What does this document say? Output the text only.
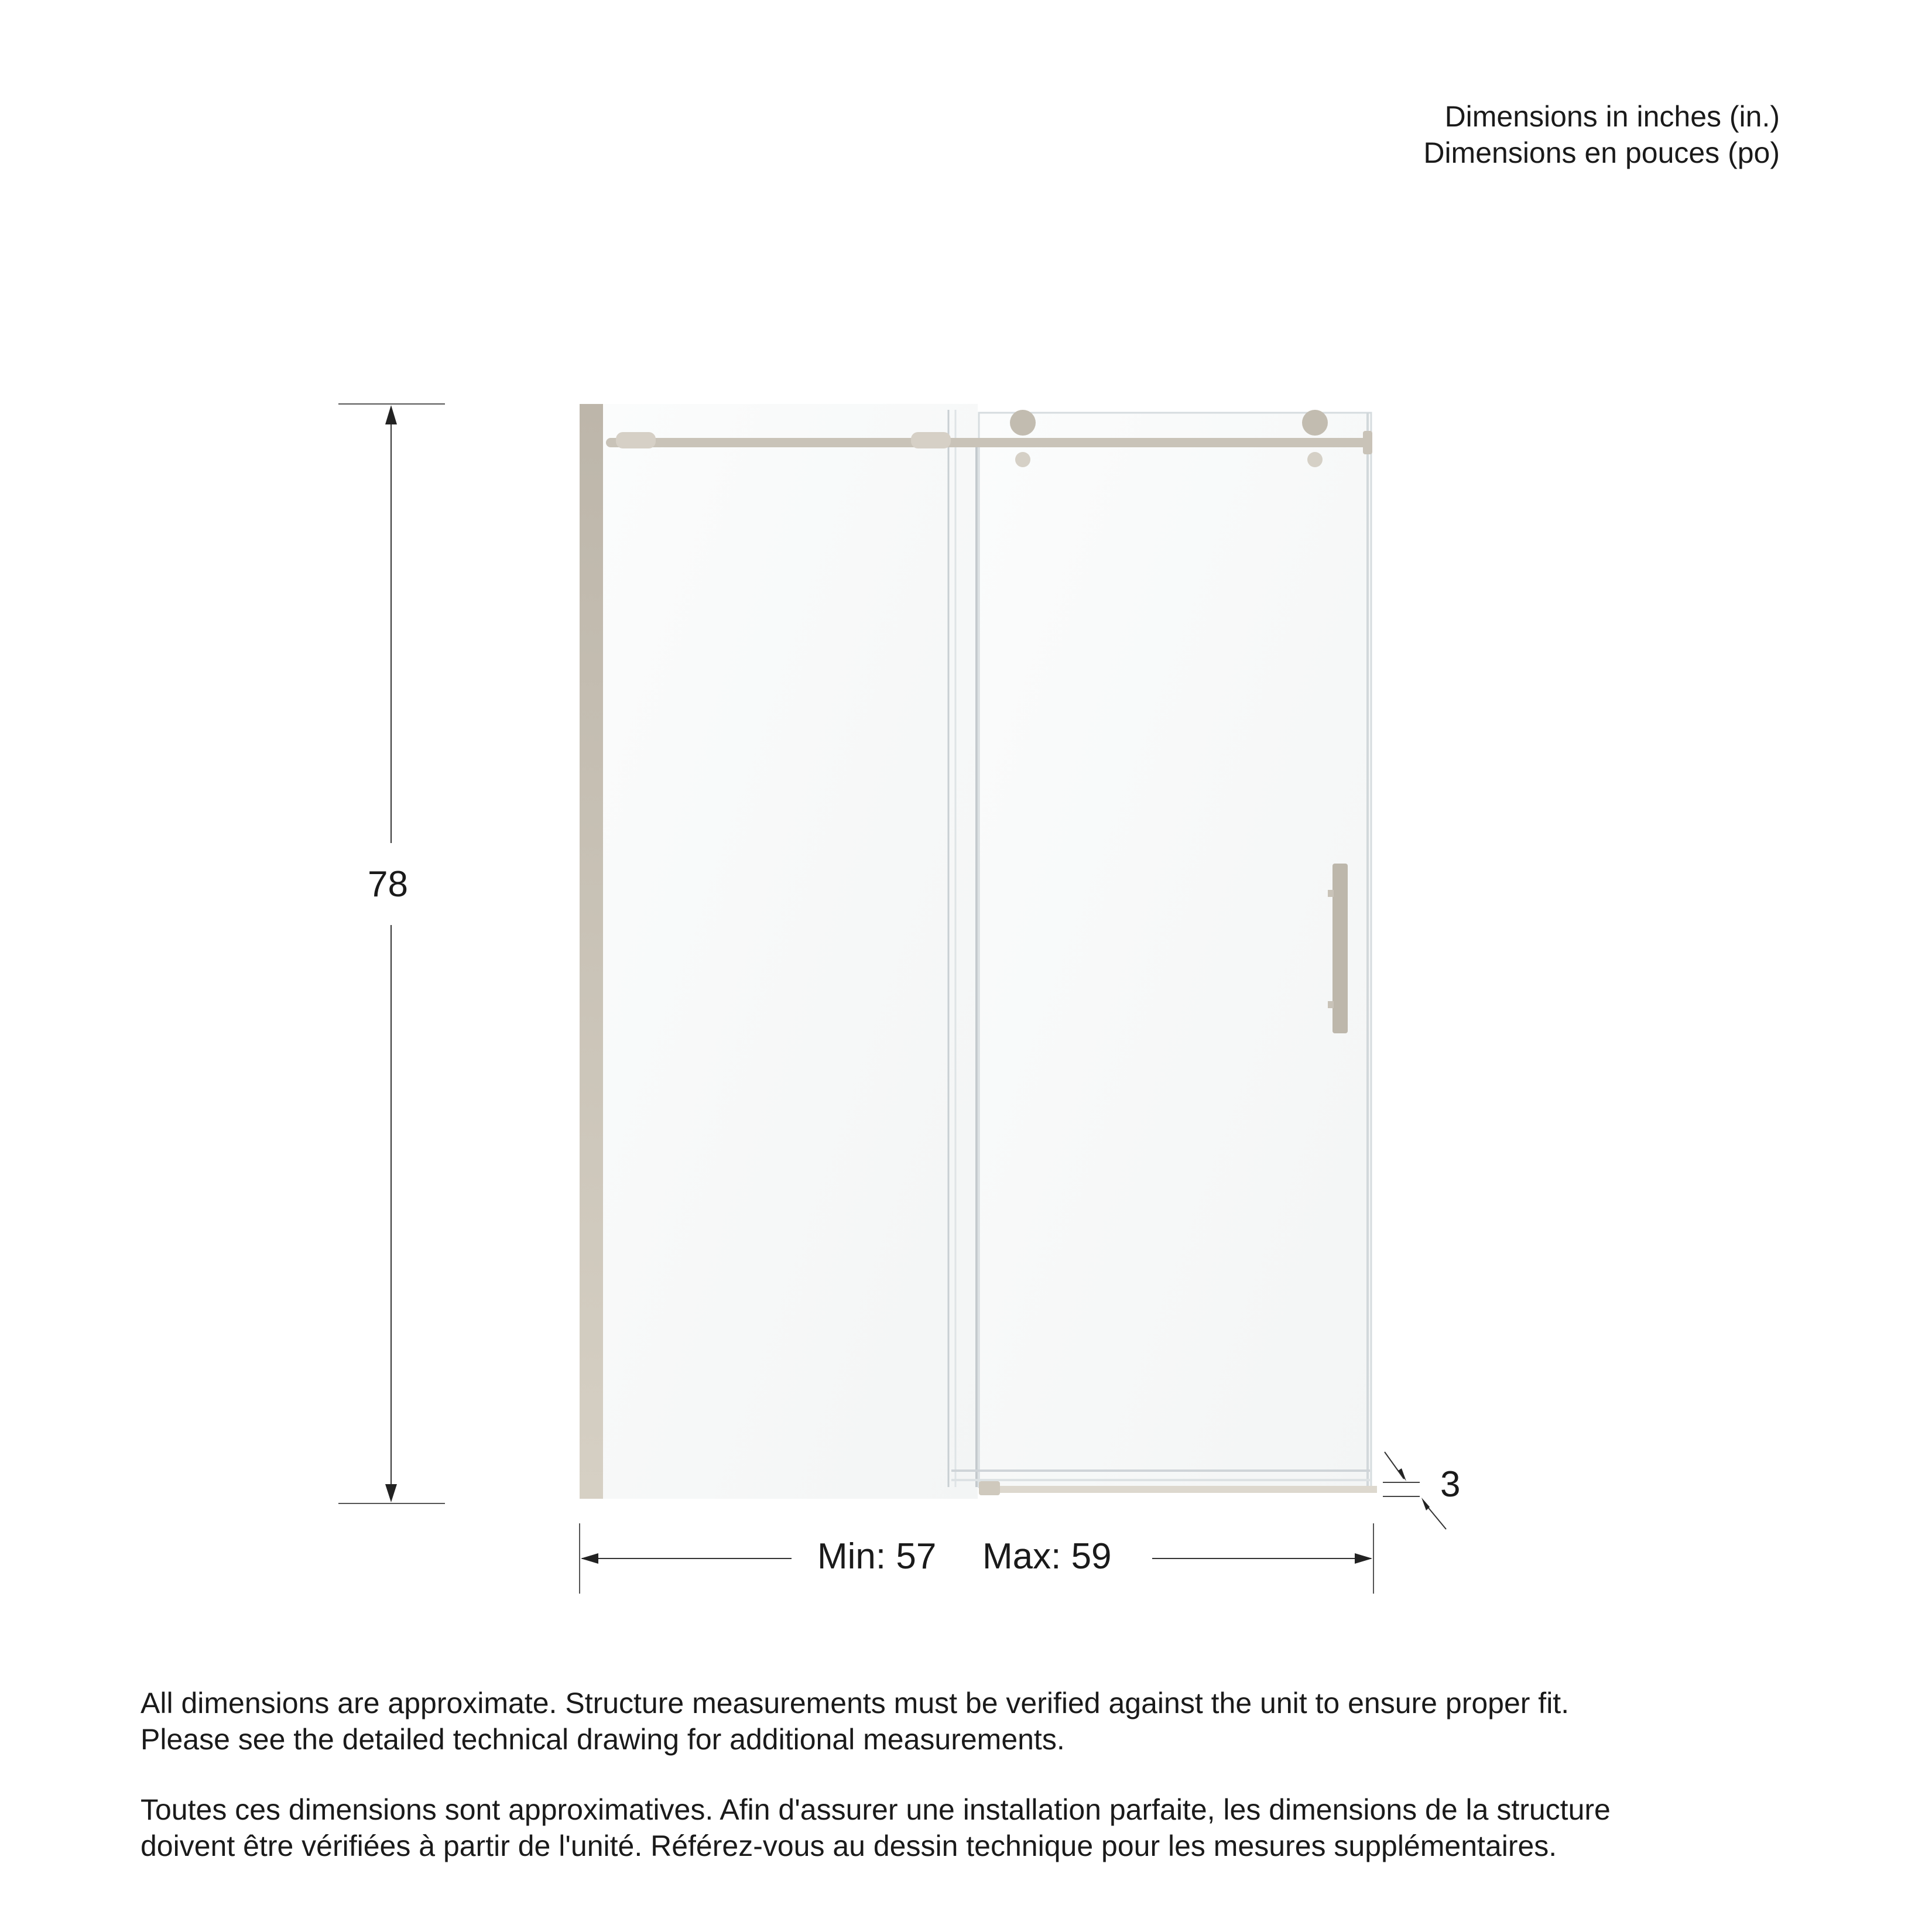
Dimensions in inches (in.)
Dimensions en pouces (po)
78
3
Min: 57 Max: 59

All dimensions are approximate. Structure measurements must be verified against the unit to ensure proper fit.
Please see the detailed technical drawing for additional measurements.

Toutes ces dimensions sont approximatives. Afin d'assurer une installation parfaite, les dimensions de la structure
doivent être vérifiées à partir de l'unité. Référez-vous au dessin technique pour les mesures supplémentaires.
